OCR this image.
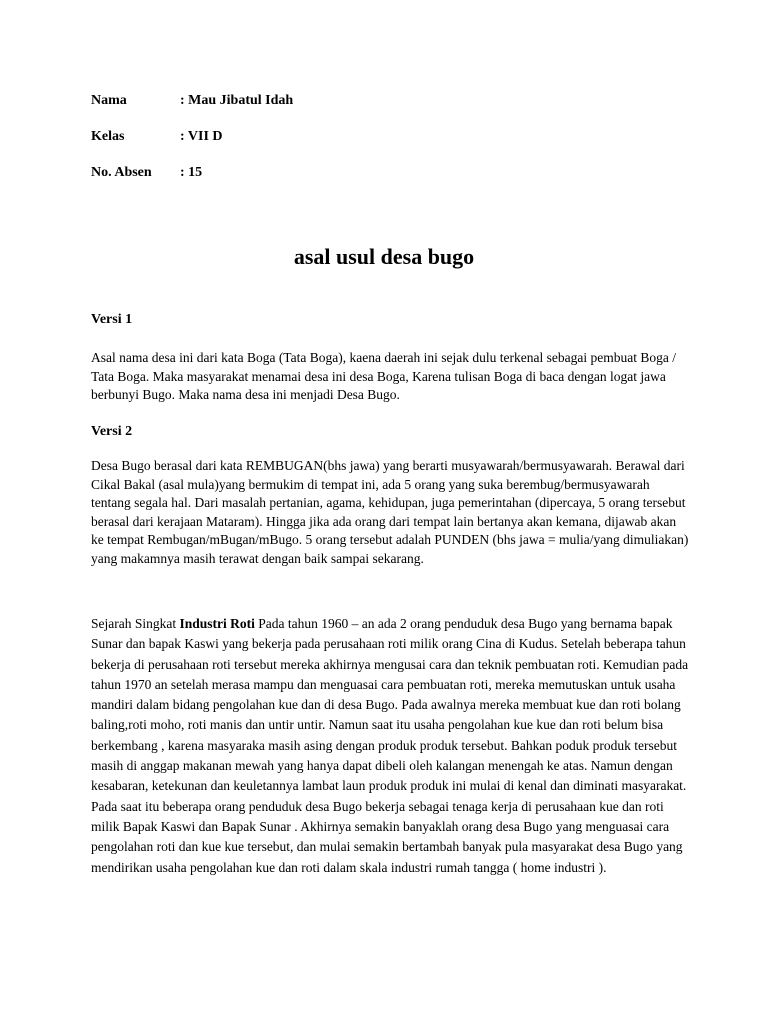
Nama	: Mau Jibatul Idah
Kelas	: VII D
No. Absen : 15
asal usul desa bugo
Versi 1
Asal nama desa ini dari kata Boga (Tata Boga), kaena daerah ini sejak dulu terkenal sebagai pembuat Boga / Tata Boga. Maka masyarakat menamai desa ini desa Boga, Karena tulisan Boga di baca dengan logat jawa berbunyi Bugo. Maka nama desa ini menjadi Desa Bugo.
Versi 2
Desa Bugo berasal dari kata REMBUGAN(bhs jawa) yang berarti musyawarah/bermusyawarah. Berawal dari Cikal Bakal (asal mula)yang bermukim di tempat ini, ada 5 orang yang suka berembug/bermusyawarah tentang segala hal. Dari masalah pertanian, agama, kehidupan, juga pemerintahan (dipercaya, 5 orang tersebut berasal dari kerajaan Mataram). Hingga jika ada orang dari tempat lain bertanya akan kemana, dijawab akan ke tempat Rembugan/mBugan/mBugo. 5 orang tersebut adalah PUNDEN (bhs jawa = mulia/yang dimuliakan) yang makamnya masih terawat dengan baik sampai sekarang.
Sejarah Singkat Industri Roti Pada tahun 1960 – an ada 2 orang penduduk desa Bugo yang bernama bapak Sunar dan bapak Kaswi yang bekerja pada perusahaan roti milik orang Cina di Kudus. Setelah beberapa tahun bekerja di perusahaan roti tersebut mereka akhirnya mengusai cara dan teknik pembuatan roti. Kemudian pada tahun 1970 an setelah merasa mampu dan menguasai cara pembuatan roti, mereka memutuskan untuk usaha mandiri dalam bidang pengolahan kue dan di desa Bugo. Pada awalnya mereka membuat kue dan roti bolang baling,roti moho, roti manis dan untir untir. Namun saat itu usaha pengolahan kue kue dan roti belum bisa berkembang , karena masyaraka masih asing dengan produk produk tersebut. Bahkan poduk produk tersebut masih di anggap makanan mewah yang hanya dapat dibeli oleh kalangan menengah ke atas. Namun dengan kesabaran, ketekunan dan keuletannya lambat laun produk produk ini mulai di kenal dan diminati masyarakat. Pada saat itu beberapa orang penduduk desa Bugo bekerja sebagai tenaga kerja di perusahaan kue dan roti milik Bapak Kaswi dan Bapak Sunar . Akhirnya semakin banyaklah orang desa Bugo yang menguasai cara pengolahan roti dan kue kue tersebut, dan mulai semakin bertambah banyak pula masyarakat desa Bugo yang mendirikan usaha pengolahan kue dan roti dalam skala industri rumah tangga ( home industri ).
